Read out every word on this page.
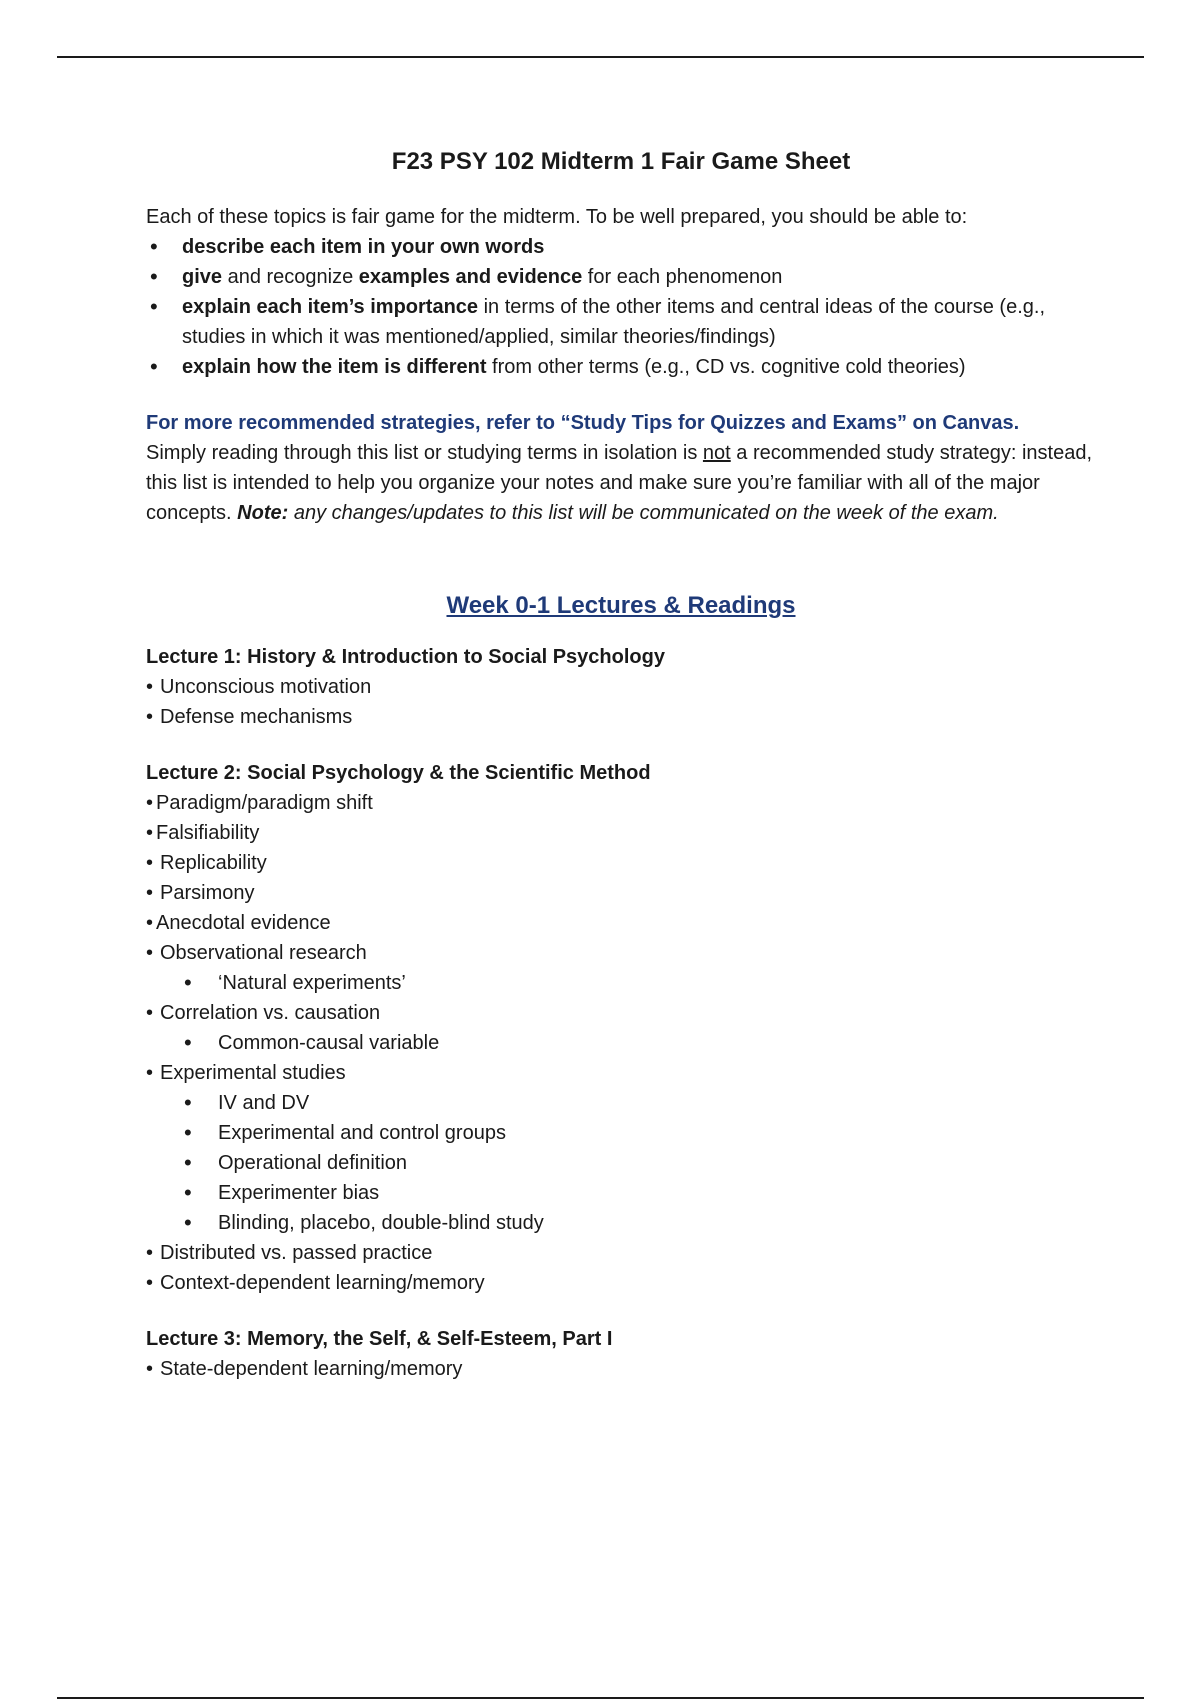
F23 PSY 102 Midterm 1 Fair Game Sheet

Each of these topics is fair game for the midterm. To be well prepared, you should be able to:

• describe each item in your own words
• give and recognize examples and evidence for each phenomenon
• explain each item’s importance in terms of the other items and central ideas of the course (e.g., studies in which it was mentioned/applied, similar theories/findings)
• explain how the item is different from other terms (e.g., CD vs. cognitive cold theories)
For more recommended strategies, refer to “Study Tips for Quizzes and Exams” on Canvas.
Simply reading through this list or studying terms in isolation is not a recommended study strategy: instead, this list is intended to help you organize your notes and make sure you’re familiar with all of the major concepts. Note: any changes/updates to this list will be communicated on the week of the exam.
Week 0-1 Lectures & Readings
Lecture 1: History & Introduction to Social Psychology
• Unconscious motivation
• Defense mechanisms
Lecture 2: Social Psychology & the Scientific Method
• Paradigm/paradigm shift
• Falsifiability
• Replicability
• Parsimony
• Anecdotal evidence
• Observational research
• ‘Natural experiments’
• Correlation vs. causation
• Common-causal variable
• Experimental studies
• IV and DV
• Experimental and control groups
• Operational definition
• Experimenter bias
• Blinding, placebo, double-blind study
• Distributed vs. passed practice
• Context-dependent learning/memory
Lecture 3: Memory, the Self, & Self-Esteem, Part I
• State-dependent learning/memory
